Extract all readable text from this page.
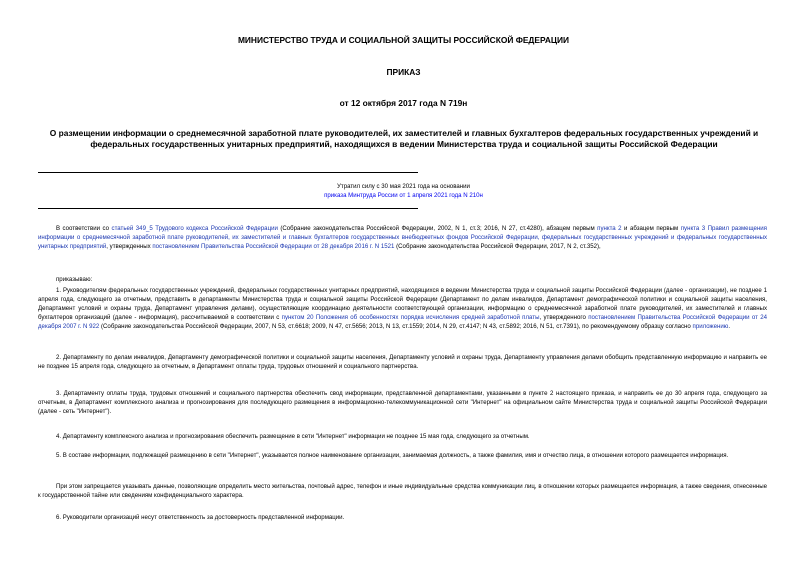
МИНИСТЕРСТВО ТРУДА И СОЦИАЛЬНОЙ ЗАЩИТЫ РОССИЙСКОЙ ФЕДЕРАЦИИ
ПРИКАЗ
от 12 октября 2017 года N 719н
О размещении информации о среднемесячной заработной плате руководителей, их заместителей и главных бухгалтеров федеральных государственных учреждений и федеральных государственных унитарных предприятий, находящихся в ведении Министерства труда и социальной защиты Российской Федерации
Утратил силу с 30 мая 2021 года на основании
приказа Минтруда России от 1 апреля 2021 года N 210н
В соответствии со статьей 349_5 Трудового кодекса Российской Федерации (Собрание законодательства Российской Федерации, 2002, N 1, ст.3; 2016, N 27, ст.4280), абзацем первым пункта 2 и абзацем первым пункта 3 Правил размещения информации о среднемесячной заработной плате руководителей, их заместителей и главных бухгалтеров государственных внебюджетных фондов Российской Федерации, федеральных государственных учреждений и федеральных государственных унитарных предприятий, утвержденных постановлением Правительства Российской Федерации от 28 декабря 2016 г. N 1521 (Собрание законодательства Российской Федерации, 2017, N 2, ст.352),
приказываю:
1. Руководителям федеральных государственных учреждений, федеральных государственных унитарных предприятий, находящихся в ведении Министерства труда и социальной защиты Российской Федерации (далее - организации), не позднее 1 апреля года, следующего за отчетным, представить в департаменты Министерства труда и социальной защиты Российской Федерации (Департамент по делам инвалидов, Департамент демографической политики и социальной защиты населения, Департамент условий и охраны труда, Департамент управления делами), осуществляющие координацию деятельности соответствующей организации, информацию о среднемесячной заработной плате руководителей, их заместителей и главных бухгалтеров организаций (далее - информация), рассчитываемой в соответствии с пунктом 20 Положения об особенностях порядка исчисления средней заработной платы, утвержденного постановлением Правительства Российской Федерации от 24 декабря 2007 г. N 922 (Собрание законодательства Российской Федерации, 2007, N 53, ст.6618; 2009, N 47, ст.5656; 2013, N 13, ст.1559; 2014, N 29, ст.4147; N 43, ст.5892; 2016, N 51, ст.7391), по рекомендуемому образцу согласно приложению.
2. Департаменту по делам инвалидов, Департаменту демографической политики и социальной защиты населения, Департаменту условий и охраны труда, Департаменту управления делами обобщить представленную информацию и направить ее не позднее 15 апреля года, следующего за отчетным, в Департамент оплаты труда, трудовых отношений и социального партнерства.
3. Департаменту оплаты труда, трудовых отношений и социального партнерства обеспечить свод информации, представленной департаментами, указанными в пункте 2 настоящего приказа, и направить ее до 30 апреля года, следующего за отчетным, в Департамент комплексного анализа и прогнозирования для последующего размещения в информационно-телекоммуникационной сети "Интернет" на официальном сайте Министерства труда и социальной защиты Российской Федерации (далее - сеть "Интернет").
4. Департаменту комплексного анализа и прогнозирования обеспечить размещение в сети "Интернет" информации не позднее 15 мая года, следующего за отчетным.
5. В составе информации, подлежащей размещению в сети "Интернет", указывается полное наименование организации, занимаемая должность, а также фамилия, имя и отчество лица, в отношении которого размещается информация.
При этом запрещается указывать данные, позволяющие определить место жительства, почтовый адрес, телефон и иные индивидуальные средства коммуникации лиц, в отношении которых размещается информация, а также сведения, отнесенные к государственной тайне или сведениям конфиденциального характера.
6. Руководители организаций несут ответственность за достоверность представленной информации.
